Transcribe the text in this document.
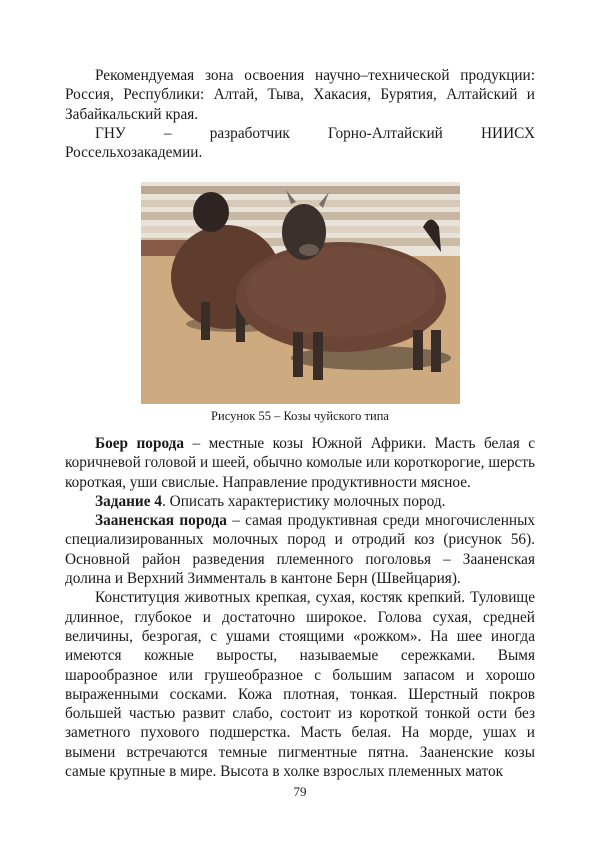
Рекомендуемая зона освоения научно–технической продукции: Россия, Республики: Алтай, Тыва, Хакасия, Бурятия, Алтайский и Забайкальский края.

ГНУ – разработчик Горно-Алтайский НИИСХ Россельхозакадемии.

Рисунок 55 – Козы чуйского типа

Боер порода – местные козы Южной Африки. Масть белая с коричневой головой и шеей, обычно комолые или короткорогие, шерсть короткая, уши свислые. Направление продуктивности мясное.

Задание 4. Описать характеристику молочных пород.

Зааненская порода – самая продуктивная среди многочисленных специализированных молочных пород и отродий коз (рисунок 56). Основной район разведения племенного поголовья – Зааненская долина и Верхний Зимменталь в кантоне Берн (Швейцария).

Конституция животных крепкая, сухая, костяк крепкий. Туловище длинное, глубокое и достаточно широкое. Голова сухая, средней величины, безрогая, с ушами стоящими «рожком». На шее иногда имеются кожные выросты, называемые сережками. Вымя шарообразное или грушеобразное с большим запасом и хорошо выраженными сосками. Кожа плотная, тонкая. Шерстный покров большей частью развит слабо, состоит из короткой тонкой ости без заметного пухового подшерстка. Масть белая. На морде, ушах и вымени встречаются темные пигментные пятна. Зааненские козы самые крупные в мире. Высота в холке взрослых племенных маток

79
